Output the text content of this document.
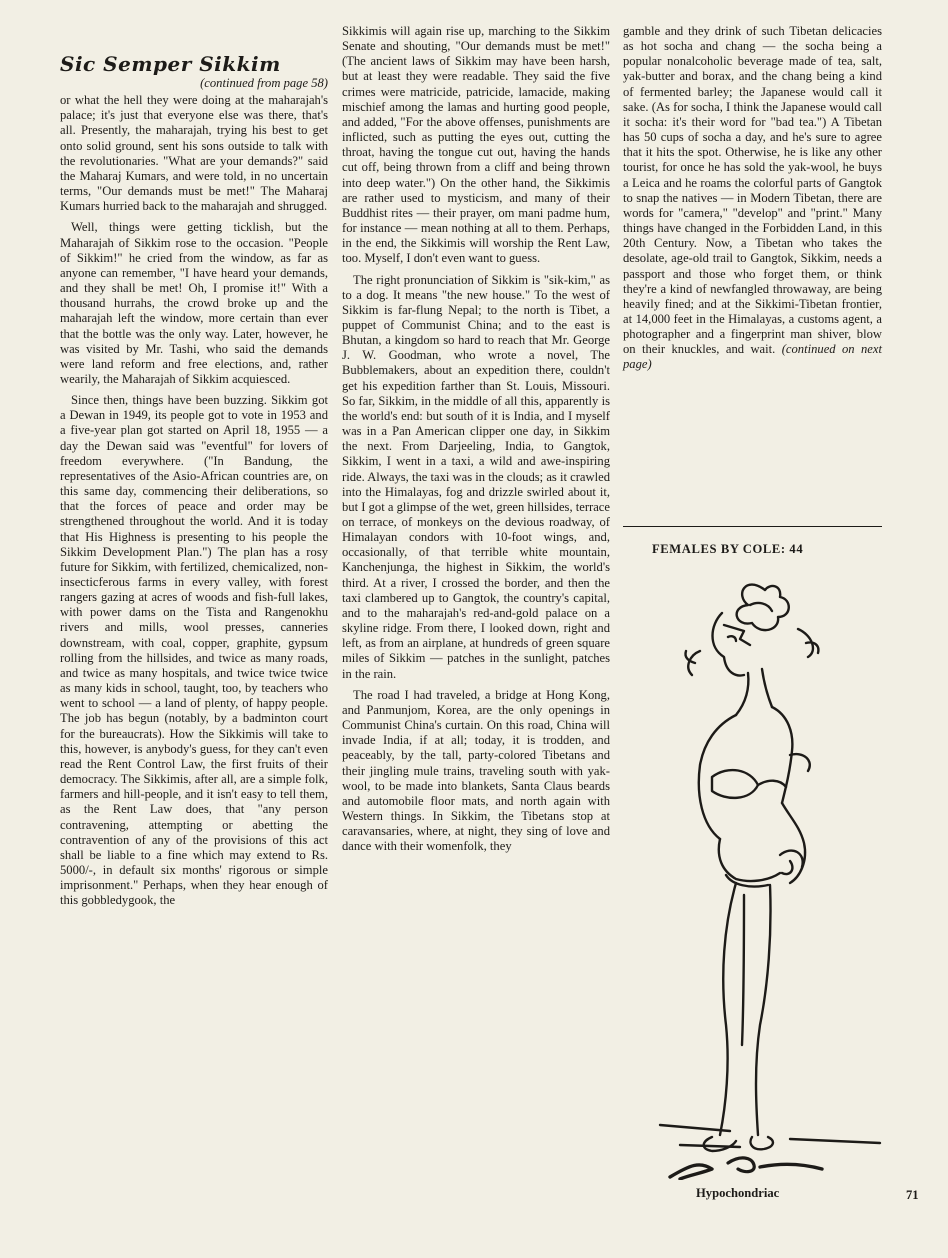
Sic Semper Sikkim
(continued from page 58)

or what the hell they were doing at the maharajah's palace; it's just that everyone else was there, that's all. Presently, the maharajah, trying his best to get onto solid ground, sent his sons outside to talk with the revolutionaries. "What are your demands?" said the Maharaj Kumars, and were told, in no uncertain terms, "Our demands must be met!" The Maharaj Kumars hurried back to the maharajah and shrugged.

Well, things were getting ticklish, but the Maharajah of Sikkim rose to the occasion. "People of Sikkim!" he cried from the window, as far as anyone can remember, "I have heard your demands, and they shall be met! Oh, I promise it!" With a thousand hurrahs, the crowd broke up and the maharajah left the window, more certain than ever that the bottle was the only way. Later, however, he was visited by Mr. Tashi, who said the demands were land reform and free elections, and, rather wearily, the Maharajah of Sikkim acquiesced.

Since then, things have been buzzing. Sikkim got a Dewan in 1949, its people got to vote in 1953 and a five-year plan got started on April 18, 1955 — a day the Dewan said was "eventful" for lovers of freedom everywhere. ("In Bandung, the representatives of the Asio-African countries are, on this same day, commencing their deliberations, so that the forces of peace and order may be strengthened throughout the world. And it is today that His Highness is presenting to his people the Sikkim Development Plan.") The plan has a rosy future for Sikkim, with fertilized, chemicalized, non-insecticferous farms in every valley, with forest rangers gazing at acres of woods and fish-full lakes, with power dams on the Tista and Rangenokhu rivers and mills, wool presses, canneries downstream, with coal, copper, graphite, gypsum rolling from the hillsides, and twice as many roads, and twice as many hospitals, and twice twice twice as many kids in school, taught, too, by teachers who went to school — a land of plenty, of happy people. The job has begun (notably, by a badminton court for the bureaucrats). How the Sikkimis will take to this, however, is anybody's guess, for they can't even read the Rent Control Law, the first fruits of their democracy. The Sikkimis, after all, are a simple folk, farmers and hill-people, and it isn't easy to tell them, as the Rent Law does, that "any person contravening, attempting or abetting the contravention of any of the provisions of this act shall be liable to a fine which may extend to Rs. 5000/-, in default six months' rigorous or simple imprisonment." Perhaps, when they hear enough of this gobbledygook, the

Sikkimis will again rise up, marching to the Sikkim Senate and shouting, "Our demands must be met!" (The ancient laws of Sikkim may have been harsh, but at least they were readable. They said the five crimes were matricide, patricide, lamacide, making mischief among the lamas and hurting good people, and added, "For the above offenses, punishments are inflicted, such as putting the eyes out, cutting the throat, having the tongue cut out, having the hands cut off, being thrown from a cliff and being thrown into deep water.") On the other hand, the Sikkimis are rather used to mysticism, and many of their Buddhist rites — their prayer, om mani padme hum, for instance — mean nothing at all to them. Perhaps, in the end, the Sikkimis will worship the Rent Law, too. Myself, I don't even want to guess.

The right pronunciation of Sikkim is "sik-kim," as to a dog. It means "the new house." To the west of Sikkim is far-flung Nepal; to the north is Tibet, a puppet of Communist China; and to the east is Bhutan, a kingdom so hard to reach that Mr. George J. W. Goodman, who wrote a novel, The Bubblemakers, about an expedition there, couldn't get his expedition farther than St. Louis, Missouri. So far, Sikkim, in the middle of all this, apparently is the world's end: but south of it is India, and I myself was in a Pan American clipper one day, in Sikkim the next. From Darjeeling, India, to Gangtok, Sikkim, I went in a taxi, a wild and awe-inspiring ride. Always, the taxi was in the clouds; as it crawled into the Himalayas, fog and drizzle swirled about it, but I got a glimpse of the wet, green hillsides, terrace on terrace, of monkeys on the devious roadway, of Himalayan condors with 10-foot wings, and, occasionally, of that terrible white mountain, Kanchenjunga, the highest in Sikkim, the world's third. At a river, I crossed the border, and then the taxi clambered up to Gangtok, the country's capital, and to the maharajah's red-and-gold palace on a skyline ridge. From there, I looked down, right and left, as from an airplane, at hundreds of green square miles of Sikkim — patches in the sunlight, patches in the rain.

The road I had traveled, a bridge at Hong Kong, and Panmunjom, Korea, are the only openings in Communist China's curtain. On this road, China will invade India, if at all; today, it is trodden, and peaceably, by the tall, party-colored Tibetans and their jingling mule trains, traveling south with yak-wool, to be made into blankets, Santa Claus beards and automobile floor mats, and north again with Western things. In Sikkim, the Tibetans stop at caravansaries, where, at night, they sing of love and dance with their womenfolk, they

gamble and they drink of such Tibetan delicacies as hot socha and chang — the socha being a popular nonalcoholic beverage made of tea, salt, yak-butter and borax, and the chang being a kind of fermented barley; the Japanese would call it sake. (As for socha, I think the Japanese would call it socha: it's their word for "bad tea.") A Tibetan has 50 cups of socha a day, and he's sure to agree that it hits the spot. Otherwise, he is like any other tourist, for once he has sold the yak-wool, he buys a Leica and he roams the colorful parts of Gangtok to snap the natives — in Modern Tibetan, there are words for "camera," "develop" and "print." Many things have changed in the Forbidden Land, in this 20th Century. Now, a Tibetan who takes the desolate, age-old trail to Gangtok, Sikkim, needs a passport and those who forget them, or think they're a kind of newfangled throwaway, are being heavily fined; and at the Sikkimi-Tibetan frontier, at 14,000 feet in the Himalayas, a customs agent, a photographer and a fingerprint man shiver, blow on their knuckles, and wait. (continued on next page)

FEMALES BY COLE: 44
Hypochondriac	71
